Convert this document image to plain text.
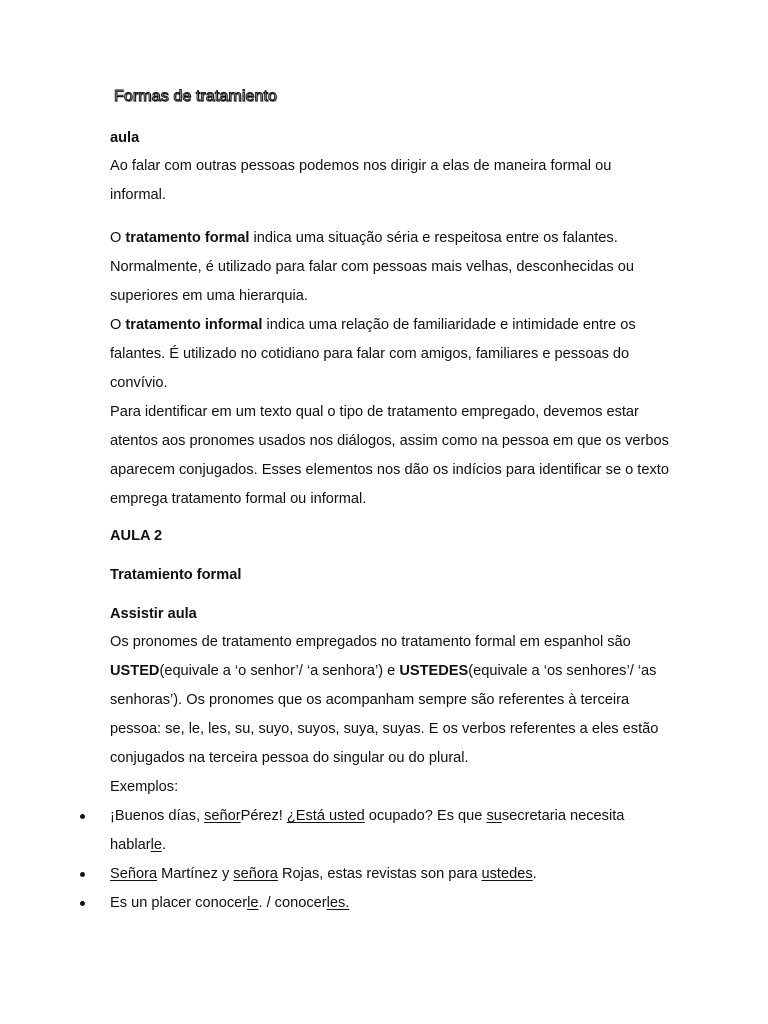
Formas de tratamiento

aula

Ao falar com outras pessoas podemos nos dirigir a elas de maneira formal ou informal.

O tratamento formal indica uma situação séria e respeitosa entre os falantes. Normalmente, é utilizado para falar com pessoas mais velhas, desconhecidas ou superiores em uma hierarquia.

O tratamento informal indica uma relação de familiaridade e intimidade entre os falantes. É utilizado no cotidiano para falar com amigos, familiares e pessoas do convívio.

Para identificar em um texto qual o tipo de tratamento empregado, devemos estar atentos aos pronomes usados nos diálogos, assim como na pessoa em que os verbos aparecem conjugados. Esses elementos nos dão os indícios para identificar se o texto emprega tratamento formal ou informal.

AULA 2

Tratamiento formal

Assistir aula

Os pronomes de tratamento empregados no tratamento formal em espanhol são USTED(equivale a ‘o senhor’/ ‘a senhora’) e USTEDES(equivale a ‘os senhores’/ ‘as senhoras’). Os pronomes que os acompanham sempre são referentes à terceira pessoa: se, le, les, su, suyo, suyos, suya, suyas. E os verbos referentes a eles estão conjugados na terceira pessoa do singular ou do plural.

Exemplos:

¡Buenos días, señorPérez! ¿Está usted ocupado? Es que susecretaria necesita hablarle.
Señora Martínez y señora Rojas, estas revistas son para ustedes.
Es un placer conocerle. / conocerles.
